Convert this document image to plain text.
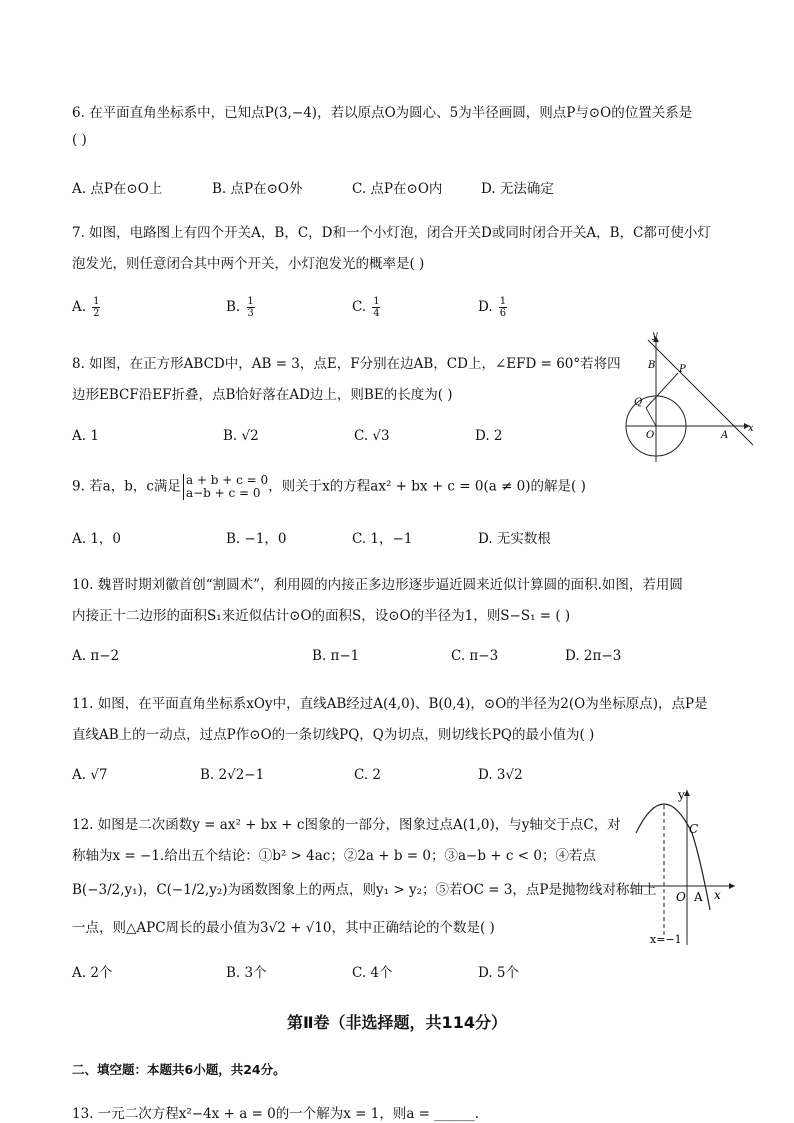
6. 在平面直角坐标系中，已知点P(3,−4)，若以原点O为圆心、5为半径画圆，则点P与⊙O的位置关系是
( )
A. 点P在⊙O上	B. 点P在⊙O外	C. 点P在⊙O内	D. 无法确定
7. 如图，电路图上有四个开关A，B，C，D和一个小灯泡，闭合开关D或同时闭合开关A，B，C都可使小灯
泡发光，则任意闭合其中两个开关，小灯泡发光的概率是( )
A. $\frac{1}{2}$	B. $\frac{1}{3}$	C. $\frac{1}{4}$	D. $\frac{1}{6}$
8. 如图，在正方形ABCD中，AB = 3，点E，F分别在边AB，CD上，∠EFD = 60°若将四
边形EBCF沿EF折叠，点B恰好落在AD边上，则BE的长度为( )
A. 1	B. √2	C. √3	D. 2
y
x
B P
Q
O	A
9. 若a，b，c满足 a + b + c = 0
a−b + c = 0 ，则关于x的方程ax² + bx + c = 0(a ≠ 0)的解是( )
A. 1，0	B. −1，0	C. 1，−1	D. 无实数根
10. 魏晋时期刘徽首创“割圆术”，利用圆的内接正多边形逐步逼近圆来近似计算圆的面积.如图，若用圆
内接正十二边形的面积S₁来近似估计⊙O的面积S，设⊙O的半径为1，则S−S₁ = ( )
A. π−2	B. π−1	C. π−3	D. 2π−3
11. 如图，在平面直角坐标系xOy中，直线AB经过A(4,0)、B(0,4)，⊙O的半径为2(O为坐标原点)，点P是
直线AB上的一动点，过点P作⊙O的一条切线PQ，Q为切点，则切线长PQ的最小值为( )
A. √7	B. 2√2−1	C. 2	D. 3√2
12. 如图是二次函数y = ax² + bx + c图象的一部分，图象过点A(1,0)，与y轴交于点C，对
称轴为x = −1.给出五个结论：①b² > 4ac；②2a + b = 0；③a−b + c < 0；④若点
B(−3/2,y₁)，C(−1/2,y₂)为函数图象上的两点，则y₁ > y₂；⑤若OC = 3，点P是抛物线对称轴上
一点，则△APC周长的最小值为3√2 + √10，其中正确结论的个数是( )
A. 2个	B. 3个	C. 4个	D. 5个
y
x
C
O A
x=−1
第Ⅱ卷（非选择题，共114分）
二、填空题：本题共6小题，共24分。
13. 一元二次方程x²−4x + a = 0的一个解为x = 1，则a = ______.
